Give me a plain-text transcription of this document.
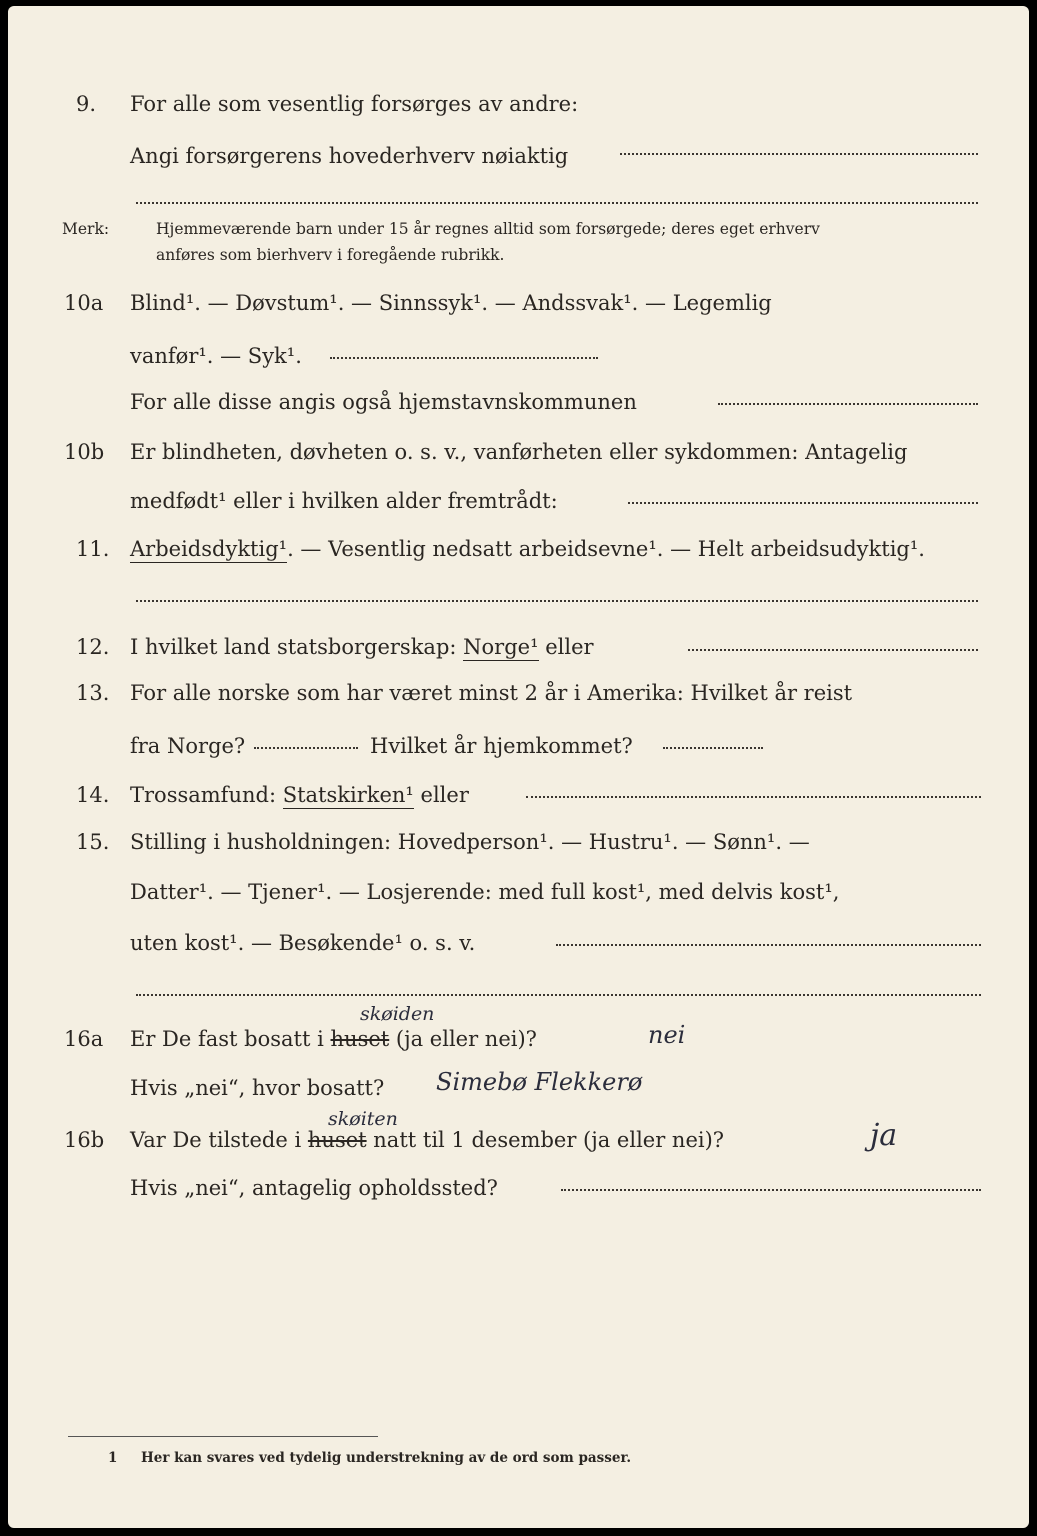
9. For alle som vesentlig forsørges av andre:
Angi forsørgerens hovederhverv nøiaktig
Merk:	Hjemmeværende barn under 15 år regnes alltid som forsørgede; deres eget erhverv
anføres som bierhverv i foregående rubrikk.
10a Blind¹. — Døvstum¹. — Sinnssyk¹. — Andssvak¹. — Legemlig
vanfør¹. — Syk¹.
For alle disse angis også hjemstavnskommunen
10b Er blindheten, døvheten o. s. v., vanførheten eller sykdommen: Antagelig
medfødt¹ eller i hvilken alder fremtrådt:
11. Arbeidsdyktig¹. — Vesentlig nedsatt arbeidsevne¹. — Helt arbeidsudyktig¹.
12. I hvilket land statsborgerskap: Norge¹ eller
13. For alle norske som har været minst 2 år i Amerika: Hvilket år reist
fra Norge?	Hvilket år hjemkommet?
14. Trossamfund: Statskirken¹ eller
15. Stilling i husholdningen: Hovedperson¹. — Hustru¹. — Sønn¹. —
Datter¹. — Tjener¹. — Losjerende: med full kost¹, med delvis kost¹,
uten kost¹. — Besøkende¹ o. s. v.
skøiden
16a Er De fast bosatt i huset (ja eller nei)?	nei
Hvis „nei“, hvor bosatt? Simebø Flekkerø
skøiten
16b Var De tilstede i huset natt til 1 desember (ja eller nei)?	ja
Hvis „nei“, antagelig opholdssted?
1 Her kan svares ved tydelig understrekning av de ord som passer.
